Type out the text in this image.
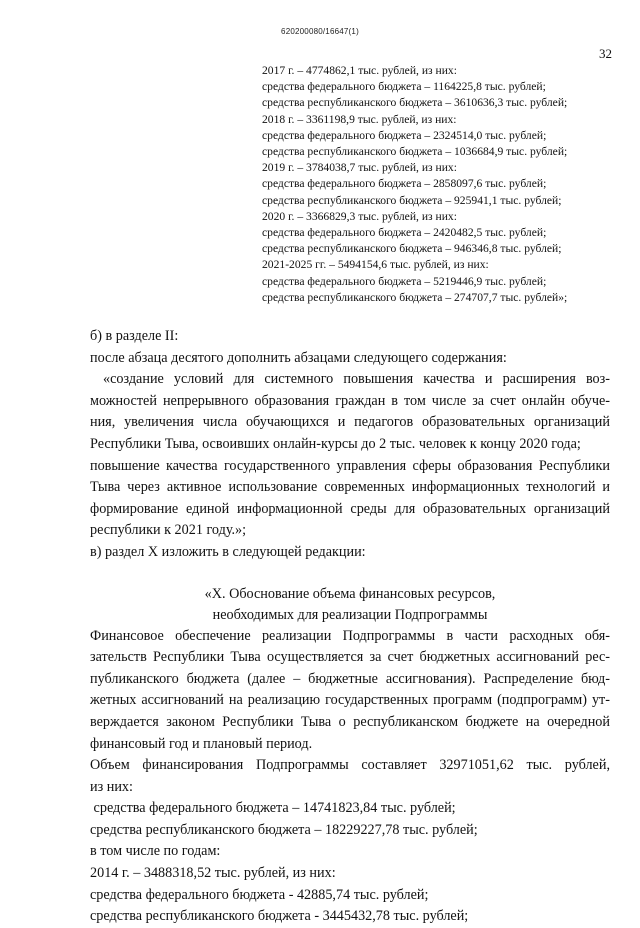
620200080/16647(1)
32
2017 г. – 4774862,1 тыс. рублей, из них:
средства федерального бюджета – 1164225,8 тыс. рублей;
средства республиканского бюджета – 3610636,3 тыс. рублей;
2018 г. – 3361198,9 тыс. рублей, из них:
средства федерального бюджета – 2324514,0 тыс. рублей;
средства республиканского бюджета – 1036684,9 тыс. рублей;
2019 г. – 3784038,7 тыс. рублей, из них:
средства федерального бюджета – 2858097,6 тыс. рублей;
средства республиканского бюджета – 925941,1 тыс. рублей;
2020 г. – 3366829,3 тыс. рублей, из них:
средства федерального бюджета – 2420482,5 тыс. рублей;
средства республиканского бюджета – 946346,8 тыс. рублей;
2021-2025 гг. – 5494154,6 тыс. рублей, из них:
средства федерального бюджета – 5219446,9 тыс. рублей;
средства республиканского бюджета – 274707,7 тыс. рублей»;

б) в разделе II:

после абзаца десятого дополнить абзацами следующего содержания:

«создание условий для системного повышения качества и расширения воз-
можностей непрерывного образования граждан в том числе за счет онлайн обуче-
ния, увеличения числа обучающихся и педагогов образовательных организаций
Республики Тыва, освоивших онлайн-курсы до 2 тыс. человек к концу 2020 года;
повышение качества государственного управления сферы образования Республики
Тыва через активное использование современных информационных технологий и
формирование единой информационной среды для образовательных организаций
республики к 2021 году.»;

в) раздел X изложить в следующей редакции:

«X. Обоснование объема финансовых ресурсов,
необходимых для реализации Подпрограммы
Финансовое обеспечение реализации Подпрограммы в части расходных обя-
зательств Республики Тыва осуществляется за счет бюджетных ассигнований рес-
публиканского бюджета (далее – бюджетные ассигнования). Распределение бюд-
жетных ассигнований на реализацию государственных программ (подпрограмм) ут-
верждается законом Республики Тыва о республиканском бюджете на очередной
финансовый год и плановый период.
Объем финансирования Подпрограммы составляет 32971051,62 тыс. рублей,
из них:
средства федерального бюджета – 14741823,84 тыс. рублей;
средства республиканского бюджета – 18229227,78 тыс. рублей;
в том числе по годам:
2014 г. – 3488318,52 тыс. рублей, из них:
средства федерального бюджета - 42885,74 тыс. рублей;
средства республиканского бюджета - 3445432,78 тыс. рублей;
